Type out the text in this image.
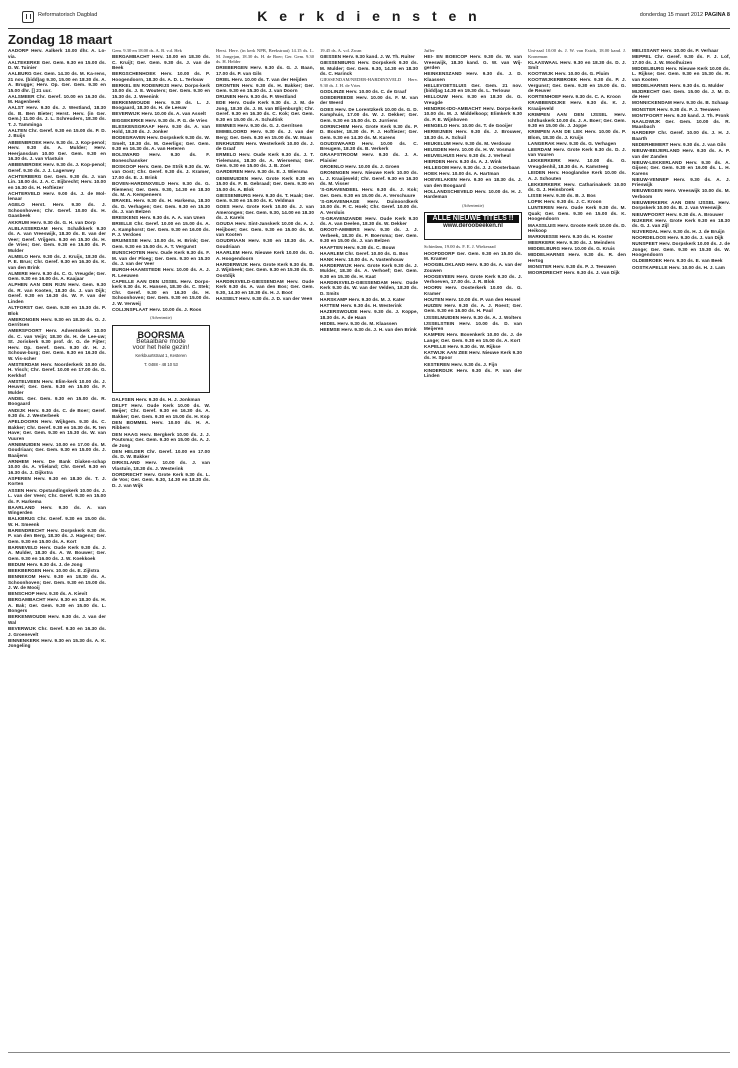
Reformatorisch Dagblad	K e r k d i e n s t e n	donderdag 15 maart 2012 PAGINA 8
Zondag 18 maart

AADORP Herv. Aalkerk 10.00 dhr. A. Lo- via.

AALTEKERKE Ger. Gem. 9.30 en 15.00 ds. D. W. Tuinier

AALBURG Ger. Gem. 14.30 ds. M. Ka-rens, 21 nov. (bidd)ag 9.30, 15.00 en 18.30 ds. A. A. Brugge; Herv. Op. Ger. Gem. 9.30 en 15.00 dhr. [] 21 uur.

AALSMEER Chr. Geref. 10.00 en 16.30 ds. M. Hagenbeek

AALST Herv. 9.30 ds. J. Westland, 18.30 ds. B. Ben Bieter; Herst. Herv. (in Ger. Gem.) 11.00 ds. J. L. Schreuders, 18.30 ds. T. J. Tamminga

AALTEN Chr. Geref. 9.30 en 15.00 ds. P. D. J. Buijs

ABBENBROEK Herv. 9.30 ds. J. Kop-penol; Herv. 9.30 ds. A. Mulder; Herv. Heerjansdam 10.00 Ger. Gem. 9.30 en 16.30 ds. J. van Vlastuin

ABBENBROEK Herv. 9.30 ds. J. Kop-penol; Geref. 9.30 ds. J. J. Lagerwey

ACHTERBERG Ger. Gem. 9.30 ds. J. van Lin. 18.00 ds. J. A. C. Eijbrecht; Herv. 10.00 en 16.30 ds. H. Hoftiezer

ACHTERVELD Herv. 9.00 ds. J. de Mol-lenaar

AGELO Herst. Herv. 9.30 ds. J. Schoonhoven; Chr. Geref. 10.00 ds. H. Gaasbeek

AKKRUM Herv. 9.30 ds. G. H. van Dorp

ALBLASSERDAM Herv. Schalkkerk 9.30 ds. A. van Vreeswijk, 18.30 ds. E. van der Veer; Geref. Vrijgem. 9.30 en 15.30 ds. H. de Vries; Ger. Gem. 9.30 en 15.00 ds. P. Mulder

ALMELO Herv. 9.30 ds. J. Kruijs, 18.30 ds. P. E. Brus; Chr. Geref. 9.30 en 16.30 ds. K. van den Brink

ALMERE Herv. 9.30 ds. C. G. Vreugde; Ger. Gem. 9.30 en 16.00 ds. A. Kaajaar

ALPHEN AAN DEN RIJN Herv. Gem. 9.30 ds. R. van Kooten, 18.30 ds. J. van Dijk; Geref. 9.30 en 16.30 ds. W. F. van der Linden

ALTFORST Ger. Gem. 9.30 en 15.30 ds. P. Blok

AMERONGEN Herv. 9.30 en 18.30 ds. G. J. Gerritsen

AMERSFOORT Herv. Adventskerk 10.00 ds. C. van Veijn; 18.30 ds. H. de Lee-uw; St. Joriskerk 9.30 prof. dr. G. de Fijter; Herv. Op. Geref. Gem. 9.30 dr. H. J. Schouw-burg; Ger. Gem. 9.30 en 16.30 ds. W. Vis-scher

AMSTERDAM Herv. Noorderkerk 10.00 ds. H. Visch; Chr. Geref. 10.00 en 17.00 ds. G. Kerkhof

AMSTELVEEN Herv. Elim-kerk 10.00 ds. J. Heuvel; Ger. Gem. 9.30 en 15.00 ds. F. Mulder

ANDEL Ger. Gem. 9.30 en 15.00 ds. R. Boogaard

ANDIJK Herv. 9.30 ds. C. de Boer; Geref. 9.30 ds. J. Westerbeek

APELDOORN Herv. Wijkgem. 9.30 ds. C. Bakker; Chr. Geref. 9.30 en 16.30 ds. R. ten Have; Ger. Gem. 9.30 en 15.30 ds. W. van Vuuren

ARNEMUIDEN Herv. 10.00 en 17.00 ds. M. Goudriaan; Ger. Gem. 9.30 en 15.00 ds. J. Baaijens

ARNHEM Herv. De Bank Diaken-schap 10.00 ds. A. Vlieland; Chr. Geref. 9.30 en 16.30 ds. J. Dijkstra

ASPEREN Herv. 9.30 en 18.30 ds. T. J. Korten

ASSEN Herv. Opstandingskerk 10.00 ds. J. L. van der Veen; Chr. Geref. 9.30 en 15.00 ds. F. Harkema

BAARLAND Herv. 9.30 ds. A. van Wingerden

BALKBRUG Chr. Geref. 9.30 en 15.00 ds. W. H. Smeenk

BARENDRECHT Herv. Dorpskerk 9.30 ds. P. van den Berg, 18.30 ds. J. Hagens; Ger. Gem. 9.30 en 15.00 ds. A. Kort

BARNEVELD Herv. Oude Kerk 9.30 ds. J. A. Mulder, 18.30 ds. A. W. Bouwer; Ger. Gem. 9.30 en 16.00 ds. J. W. Koekkoek

BEDUM Herv. 9.30 ds. J. de Jong

BEEKBERGEN Herv. 10.00 ds. E. Zijlstra

BENNEKOM Herv. 9.30 en 18.30 ds. A. Schoonhoven; Ger. Gem. 9.30 en 15.00 ds. J. W. de Mooij

BENSCHOP Herv. 9.30 ds. A. Kievit

BERGAMBACHT Herv. 9.30 en 18.30 ds. H. A. Bak; Ger. Gem. 9.30 en 15.00 ds. L. Bongers

BERKENWOUDE Herv. 9.30 ds. J. van der Wal

BEVERWIJK Chr. Geref. 9.30 en 16.30 ds. J. Groenevelt

BINNENKERK Herv. 9.30 en 15.30 ds. A. K. Jongeling

Gem. 9.30 en 18.00 ds. A. B. v.d. Hek

BERGAMBACHT Herv. 10.00 en 18.30 ds. C. Kruijt; Ger. Gem. 9.30 ds. J. van de Beek

BERGSCHENHOEK Herv. 10.00 ds. P. Hoogendoorn, 18.30 ds. A. D. L. Terlouw

BERKEL EN RODENRIJS Herv. Dorps-kerk 10.00 ds. J. E. Wouters; Ger. Gem. 9.30 en 15.30 ds. J. Weenink

BERKENWOUDE Herv. 9.30 ds. L. J. Boogaard, 18.30 ds. H. de Leeuw

BEVERWIJK Herv. 10.00 ds. A. van Asselt

BIGGEKERKE Herv. 9.30 ds. P. G. de Vries

BLESKENSGRAAF Herv. 9.30 ds. A. van Hold, 18.30 ds. J. Jonker

BODEGRAVEN Herv. Dorpskerk 9.30 ds. W. Smelt, 18.30 ds. M. Geerligs; Ger. Gem. 9.30 en 16.30 ds. A. van Heteren

BOLSWARD Herv. 9.30 ds. F. Boneschansker

BOSKOOP Herv. Gem. De Strik 9.30 ds. W. van Oost; Chr. Geref. 9.30 ds. J. Kramer, 17.00 ds. E. J. Brink

BOVEN-HARDINXVELD Herv. 9.30 ds. G. Riemens; Ger. Gem. 9.30, 14.30 en 18.30 ds. M. A. Kempeneers

BRAKEL Herv. 9.30 ds. H. Harkema, 18.30 ds. D. Verhagen; Ger. Gem. 9.30 en 15.30 ds. J. van Belzen

BRESKENS Herv. 9.30 ds. A. A. van Unen

BRIELLE Chr. Geref. 10.00 en 15.00 ds. A. A. Kamphorst; Ger. Gem. 9.30 en 16.00 ds. P. J. Verdoes

BRUINISSE Herv. 10.00 ds. H. Brink; Ger. Gem. 9.30 en 15.00 ds. A. T. Vergunst

BUNSCHOTEN Herv. Oude Kerk 9.30 ds. F. M. van der Ploeg; Ger. Gem. 9.30 en 15.30 ds. J. van der Veer

BURGH-HAAMSTEDE Herv. 10.00 ds. A. J. R. Leeuwen

CAPELLE AAN DEN IJSSEL Herv. Dorps-kerk 9.30 ds. K. Hansen, 18.30 ds. C. Stek; Chr. Geref. 9.30 en 16.30 ds. H. Schoonhoven; Ger. Gem. 9.30 en 15.00 ds. J. W. Verweij

COLIJNSPLAAT Herv. 10.00 ds. J. Roos

(Advertentie)
BOORSMA
Betaalbare mode
voor het hele gezin!
Kerkbuurtstraat 1, Kesteren
T. 0488 - 48 10 53

DALFSEN Herv. 9.30 ds. H. J. Jonkman

DELFT Herv. Oude Kerk 10.00 ds. W. Meijer; Chr. Geref. 9.30 en 16.30 ds. A. Bakker; Ger. Gem. 9.30 en 15.00 ds. H. Kop

DEN BOMMEL Herv. 10.00 ds. H. A. Ribbers

DEN HAAG Herv. Bergkerk 10.00 ds. J. J. Poutsma; Ger. Gem. 9.30 en 15.00 ds. A. J. de Jong

DEN HELDER Chr. Geref. 10.00 en 17.00 ds. D. W. Bakker

DIRKSLAND Herv. 10.00 ds. J. van Vlastuin, 18.30 ds. J. Westerink

DORDRECHT Herv. Grote Kerk 9.30 ds. L. de Vos; Ger. Gem. 9.30, 14.30 en 18.30 ds. D. J. van Wijk

Herst. Herv. (in kerk NPB, Beekstraat) 14.15 ds. L. M. Jongejan, 18.30 ds. H. de Boer; Ger. Gem. 9.30 ds. H. Helder

DRIEBERGEN Herv. 9.30 ds. G. J. Baan, 17.00 ds. P. van Gils

DRIEL Herv. 10.00 ds. T. van der Heijden

DRONTEN Herv. 9.30 ds. H. Bakker; Ger. Gem. 9.30 en 15.30 ds. J. van Doorn

DRUNEN Herv. 9.30 ds. P. Westland

EDE Herv. Oude Kerk 9.30 ds. J. M. de Jong, 18.30 ds. J. M. van Blijenburgh; Chr. Geref. 9.30 en 16.30 ds. C. Kok; Ger. Gem. 9.30 en 15.00 ds. A. Schultink

EEMNES Herv. 9.30 ds. G. J. Gerritsen

EMMELOORD Herv. 9.30 ds. J. van der Berg; Ger. Gem. 9.30 en 15.00 ds. W. Maas

ENKHUIZEN Herv. Westerkerk 10.00 ds. J. de Graaf

ERMELO Herv. Oude Kerk 9.30 ds. J. T. Tielemans, 18.30 ds. A. Wiersema; Ger. Gem. 9.30 en 15.00 ds. J. B. Zoet

GARDEREN Herv. 9.30 ds. E. J. Wiersma

GENEMUIDEN Herv. Grote Kerk 9.30 en 15.00 ds. F. B. Gebraad; Ger. Gem. 9.30 en 15.00 ds. A. Blok

GIESSENBURG Herv. 9.30 ds. T. Haak; Ger. Gem. 9.30 en 15.00 ds. K. Veldman

GOES Herv. Grote Kerk 10.00 ds. J. van Amerongen; Ger. Gem. 9.30, 14.00 en 18.30 ds. J. Karels

GOUDA Herv. Sint-Janskerk 10.00 ds. A. J. Heijboer; Ger. Gem. 9.30 en 15.00 ds. M. van Kooten

GOUDRIAAN Herv. 9.30 en 18.30 ds. A. Goudriaan

HAARLEM Herv. Nieuwe Kerk 10.00 ds. G. A. Hoogendoorn

HARDERWIJK Herv. Grote Kerk 9.30 ds. B. J. Wijnbeek; Ger. Gem. 9.30 en 15.30 ds. D. Oostdijk

HARDINXVELD-GIESSENDAM Herv. Oude Kerk 9.30 ds. A. van den Bos; Ger. Gem. 9.30, 14.30 en 18.30 ds. H. J. Boot

HASSELT Herv. 9.30 ds. J. D. van der Veen

19.45 ds. A. v.d. Zwan

GIESSEN Herv. 9.30 kand. J. W. Th. Ruiter

GIESSENBURG Herv. Dorpskerk 9.30 ds. M. Mulder; Ger. Gem. 9.30, 14.30 en 18.30 ds. C. Harinck

GIESSENDAM/NEDER-HARDINXVELD Herv. 9.30 ds. J. H. de Vries

GODLINZE Herv. 10.00 ds. C. de Graaf

GOEDEREEDE Herv. 10.00 ds. F. M. van der Weerd

GOES Herv. De Lorentzkerk 10.00 ds. G. D. Kamphuis, 17.00 ds. W. J. Dekker; Ger. Gem. 9.30 en 15.00 ds. D. Jurriens

GORINCHEM Herv. Grote Kerk 9.30 ds. P. D. Bouter, 18.30 ds. P. J. Hoftiezer; Ger. Gem. 9.30 en 14.30 ds. M. Karens

GOUDSWAARD Herv. 10.00 ds. C. Breugem, 18.30 ds. B. Verkerk

GRAAFSTROOM Herv. 9.30 ds. J. A. Plaisier

GROENLO Herv. 10.00 ds. J. Groen

GRONINGEN Herv. Nieuwe Kerk 10.00 ds. L. J. Kraaijeveld; Chr. Geref. 9.30 en 16.30 ds. M. Visser

'S-GRAVENDEEL Herv. 9.30 ds. J. Kok; Ger. Gem. 9.30 en 15.00 ds. A. Verschuure

'S-GRAVENHAGE Herv. Duinoordkerk 10.00 ds. P. C. Hoek; Chr. Geref. 10.00 ds. A. Versluis

'S-GRAVENZANDE Herv. Oude Kerk 9.30 ds. A. van Deelen, 18.30 ds. W. Dekker

GROOT-AMMERS Herv. 9.30 ds. J. J. Verbeek, 18.30 ds. P. Boersma; Ger. Gem. 9.30 en 15.00 ds. J. van Belzen

HAAFTEN Herv. 9.30 ds. C. Bouw

HAARLEM Chr. Geref. 10.00 ds. G. Bos

HANK Herv. 10.00 ds. A. Vastenhouw

HARDERWIJK Herv. Grote Kerk 9.30 ds. J. Mulder, 18.30 ds. A. Verhoef; Ger. Gem. 9.30 en 15.30 ds. H. Kaat

HARDINXVELD-GIESSENDAM Herv. Oude Kerk 9.30 ds. W. van der Velden, 18.30 ds. D. Smits

HARSKAMP Herv. 9.30 ds. M. J. Kater

HATTEM Herv. 9.30 ds. H. Westerink

HAZERSWOUDE Herv. 9.30 ds. J. Koppe, 18.30 ds. A. de Haan

HEDEL Herv. 9.30 ds. M. Klaassen

HEEMSE Herv. 9.30 ds. J. H. van den Brink

Juffer

HEI- EN BOEICOP Herv. 9.30 ds. W. van Vreeswijk, 18.30 kand. G. W. van Wij-gerden

HEINKENSZAND Herv. 9.30 ds. J. D. Klaassen

HELLEVOETSLUIS Ger. Gem. 21 nov. (bidd)ag 14.30 en 19.30 ds. L. Terlouw

HELLOUW Herv. 9.30 en 18.30 ds. G. Vreugde

HENDRIK-IDO-AMBACHT Herv. Dorps-kerk 10.00 ds. M. J. Middelkoop; Elimkerk 9.30 ds. P. E. Wijnhoven

HENGELO Herv. 10.00 ds. T. de Gooijer

HERWIJNEN Herv. 9.30 ds. J. Brouwer, 18.30 ds. A. Schuil

HEUKELUM Herv. 9.30 ds. M. Verdouw

HEUSDEN Herv. 10.00 ds. H. W. Vosman

HEUVELHUIS Herv. 9.30 ds. J. Verheul

HIERDEN Herv. 9.30 ds. A. J. Wink

HILLEGOM Herv. 9.30 ds. J. J. Oosterbaan

HOEK Herv. 10.00 ds. A. Hartman

HOEVELAKEN Herv. 9.30 en 18.30 ds. J. van den Boogaard

HOLLANDSCHEVELD Herv. 10.00 ds. H. J. Hardeman

(Advertentie)
ALLE NIEUWE TITELS !!
www.deroobeeken.nl

Schiedam, 19.00 ds. F. E. J. Wiekeraad

HOOFDDORP Ger. Gem. 9.30 en 15.00 ds. M. Kramer

HOOGBLOKLAND Herv. 9.30 ds. A. van der Zouwen

HOOGEVEEN Herv. Grote Kerk 9.30 ds. J. Verhoeven, 17.00 ds. J. R. Blok

HOORN Herv. Oosterkerk 10.00 ds. G. Kramer

HOUTEN Herv. 10.00 ds. P. van den Heuvel

HUIZEN Herv. 9.30 ds. A. J. Roest; Ger. Gem. 9.30 en 16.00 ds. H. Paul

IJSSELMUIDEN Herv. 9.30 ds. A. J. Wolters

IJSSELSTEIN Herv. 10.00 ds. D. van Meijeren

KAMPEN Herv. Bovenkerk 10.00 ds. J. de Lange; Ger. Gem. 9.30 en 15.00 ds. A. Kort

KAPELLE Herv. 9.30 ds. W. Rijkse

KATWIJK AAN ZEE Herv. Nieuwe Kerk 9.30 ds. H. Spoor

KESTEREN Herv. 9.30 ds. J. Fijn

KINDERDIJK Herv. 9.30 ds. P. van der Linden

Uni-zaal 10.00 ds. J. W. van Estrik, 18.00 kand. J. Kroneman

KLAASWAAL Herv. 9.30 en 18.30 ds. D. J. Smit

KOOTWIJK Herv. 10.00 ds. G. Pluim

KOOTWIJKERBROEK Herv. 9.30 ds. P. J. Vergunst; Ger. Gem. 9.30 en 15.00 ds. G. de Reuver

KORTENHOEF Herv. 9.30 ds. C. A. Kroon

KRABBENDIJKE Herv. 9.30 ds. K. J. Kraaijeveld

KRIMPEN AAN DEN IJSSEL Herv. Ichthuskerk 10.00 ds. J. A. Boer; Ger. Gem. 9.30 en 15.00 ds. J. Joppe

KRIMPEN AAN DE LEK Herv. 10.00 ds. P. Blom, 18.30 ds. J. Kruijs

LANGERAK Herv. 9.30 ds. G. Verhagen

LEERDAM Herv. Grote Kerk 9.30 ds. D. J. van Vuuren

LEKKERKERK Herv. 10.00 ds. G. Vreugdenhil, 18.30 ds. A. Kamsteeg

LEIDEN Herv. Hooglandse Kerk 10.00 ds. A. J. Schouten

LEKKERKERK Herv. Catharinakerk 10.00 ds. G. J. Heinsbroek

LISSE Herv. 9.30 ds. B. J. Bos

LOPIK Herv. 9.30 ds. J. C. Kroon

LUNTEREN Herv. Oude Kerk 9.30 ds. M. Quak; Ger. Gem. 9.30 en 15.00 ds. K. Hoogendoorn

MAASSLUIS Herv. Groote Kerk 10.00 ds. D. Heikoop

MARKNESSE Herv. 9.30 ds. H. Koster

MEERKERK Herv. 9.30 ds. J. Meinders

MIDDELBURG Herv. 10.00 ds. G. Kruis

MIDDELHARNIS Herv. 9.30 ds. R. den Hertog

MONSTER Herv. 9.30 ds. P. J. Teeuwen

MOORDRECHT Herv. 9.30 ds. J. van Dijk

MELISSANT Herv. 10.00 ds. P. Verhaar

MEPPEL Chr. Geref. 9.30 ds. F. J. Lof, 17.00 ds. J. W. Moolhuizen

MIDDELBURG Herv. Nieuwe Kerk 10.00 ds. L. Rijkse; Ger. Gem. 9.30 en 15.30 ds. R. van Kooten

MIDDELHARNIS Herv. 9.30 ds. G. Mulder

MIJDRECHT Ger. Gem. 15.00 ds. J. M. D. de Heer

MONNICKENDAM Herv. 9.30 ds. B. Schaap

MONSTER Herv. 9.30 ds. P. J. Teeuwen

MONTFOORT Herv. 9.30 kand. J. Th. Pronk

NAALDWIJK Ger. Gem. 10.00 ds. R. Maasbach

NARDERF Chr. Geref. 10.00 ds. J. H. J. Baarth

NEDERHEMERT Herv. 9.30 ds. J. van Gils

NIEUW-BEIJERLAND Herv. 9.30 ds. A. P. van der Zanden

NIEUW-LEKKERLAND Herv. 9.30 ds. A. Gijsen; Ger. Gem. 9.30 en 16.00 ds. L. H. Karens

NIEUW-VENNEP Herv. 9.30 ds. A. J. Frieswijk

NIEUWEGEIN Herv. Vreeswijk 10.00 ds. M. Verboom

NIEUWERKERK AAN DEN IJSSEL Herv. Dorpskerk 10.00 ds. B. J. van Vreeswijk

NIEUWPOORT Herv. 9.30 ds. A. Brouwer

NIJKERK Herv. Grote Kerk 9.30 en 18.30 ds. G. J. van Zijl

NIJVERDAL Herv. 9.30 ds. H. J. de Bruijn

NOORDELOOS Herv. 9.30 ds. J. van Dijk

NUNSPEET Herv. Dorpskerk 10.00 ds. J. de Jonge; Ger. Gem. 9.30 en 15.30 ds. W. Hoogendoorn

OLDEBROEK Herv. 9.30 ds. E. van Beek

OOSTKAPELLE Herv. 10.00 ds. H. J. Lam
